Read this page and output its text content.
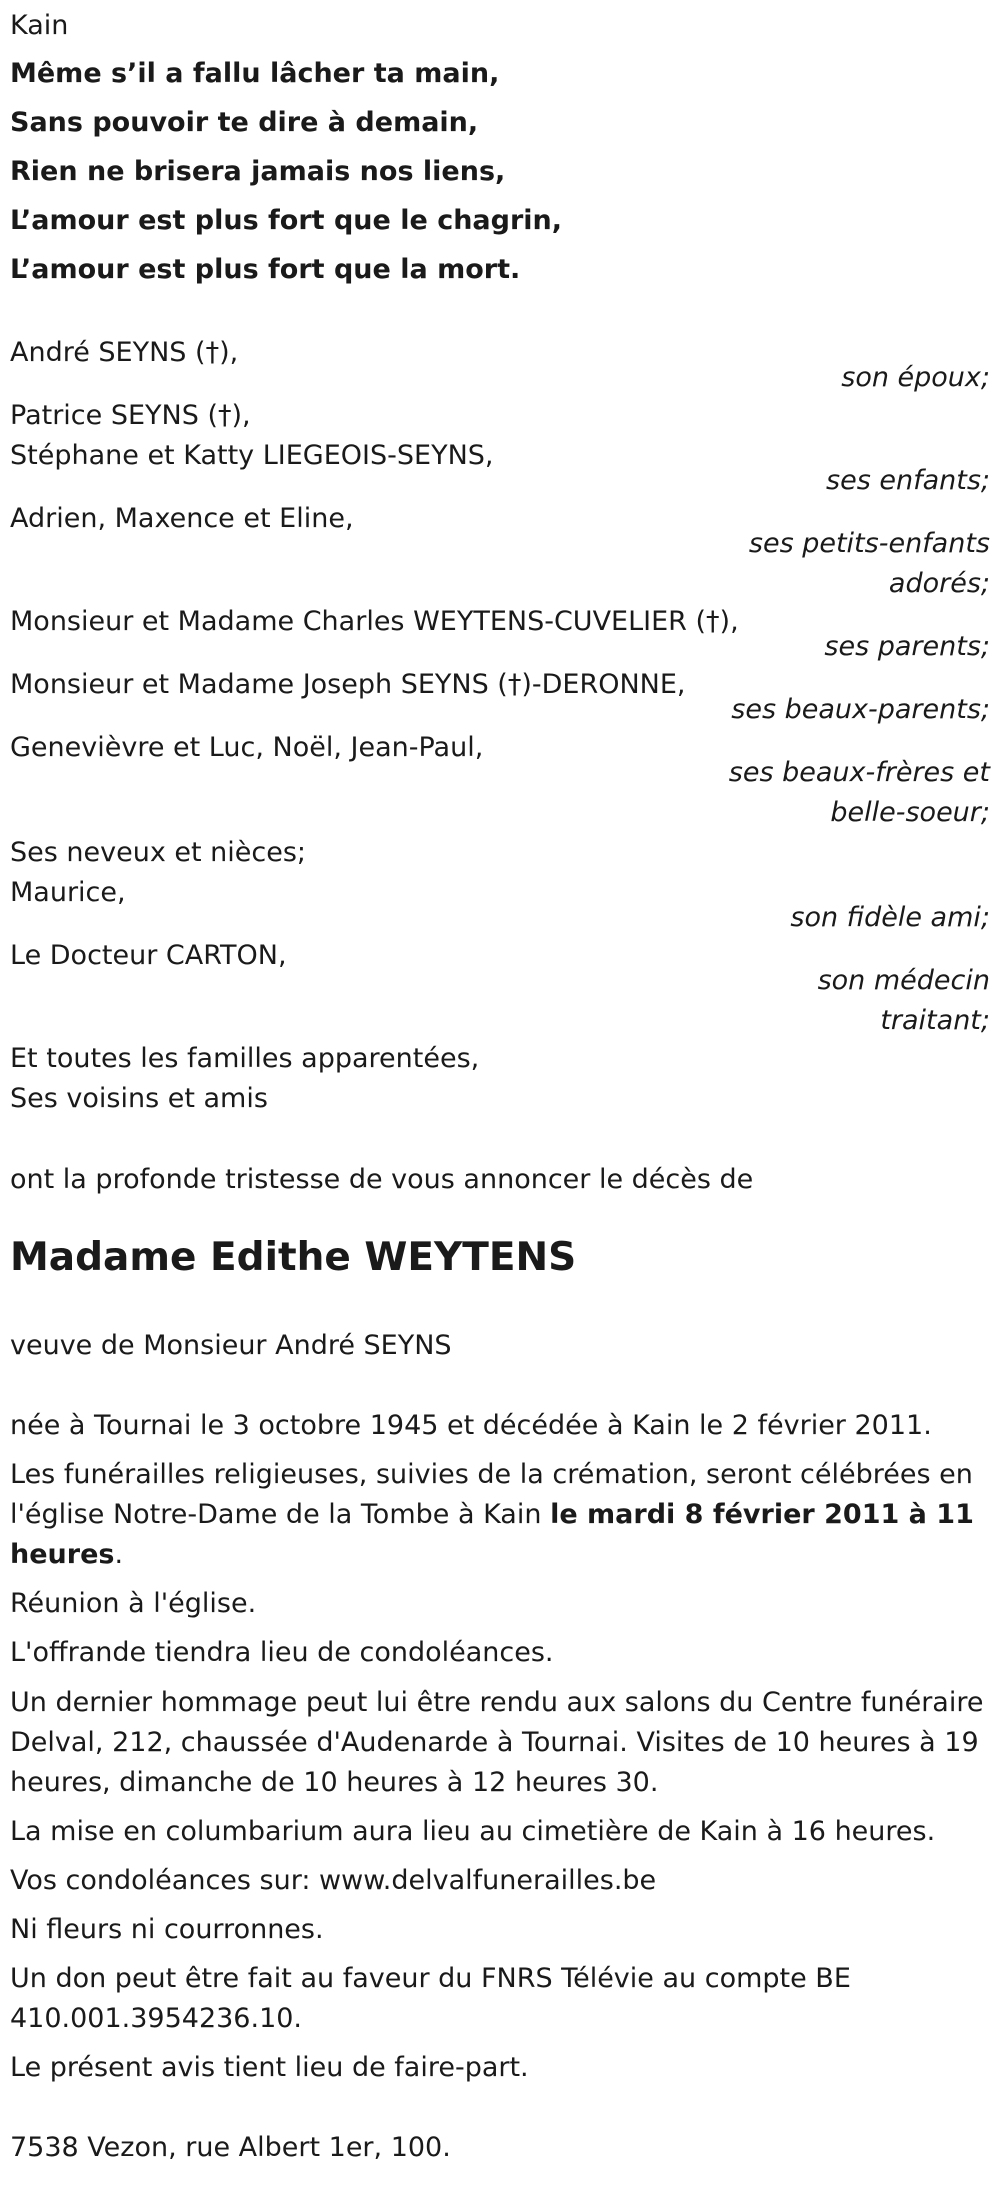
Kain
Même s’il a fallu lâcher ta main,
Sans pouvoir te dire à demain,
Rien ne brisera jamais nos liens,
L’amour est plus fort que le chagrin,
L’amour est plus fort que la mort.
André SEYNS (†),
son époux;
Patrice SEYNS (†),
Stéphane et Katty LIEGEOIS-SEYNS,
ses enfants;
Adrien, Maxence et Eline,
ses petits-enfants
adorés;
Monsieur et Madame Charles WEYTENS-CUVELIER (†),
ses parents;
Monsieur et Madame Joseph SEYNS (†)-DERONNE,
ses beaux-parents;
Genevièvre et Luc, Noël, Jean-Paul,
ses beaux-frères et
belle-soeur;
Ses neveux et nièces;
Maurice,
son fidèle ami;
Le Docteur CARTON,
son médecin
traitant;
Et toutes les familles apparentées,
Ses voisins et amis
ont la profonde tristesse de vous annoncer le décès de
Madame Edithe WEYTENS
veuve de Monsieur André SEYNS
née à Tournai le 3 octobre 1945 et décédée à Kain le 2 février 2011.
Les funérailles religieuses, suivies de la crémation, seront célébrées en l'église Notre-Dame de la Tombe à Kain le mardi 8 février 2011 à 11 heures.
Réunion à l'église.
L'offrande tiendra lieu de condoléances.
Un dernier hommage peut lui être rendu aux salons du Centre funéraire Delval, 212, chaussée d'Audenarde à Tournai. Visites de 10 heures à 19 heures, dimanche de 10 heures à 12 heures 30.
La mise en columbarium aura lieu au cimetière de Kain à 16 heures.
Vos condoléances sur: www.delvalfunerailles.be
Ni fleurs ni courronnes.
Un don peut être fait au faveur du FNRS Télévie au compte BE 410.001.3954236.10.
Le présent avis tient lieu de faire-part.
7538 Vezon, rue Albert 1er, 100.
